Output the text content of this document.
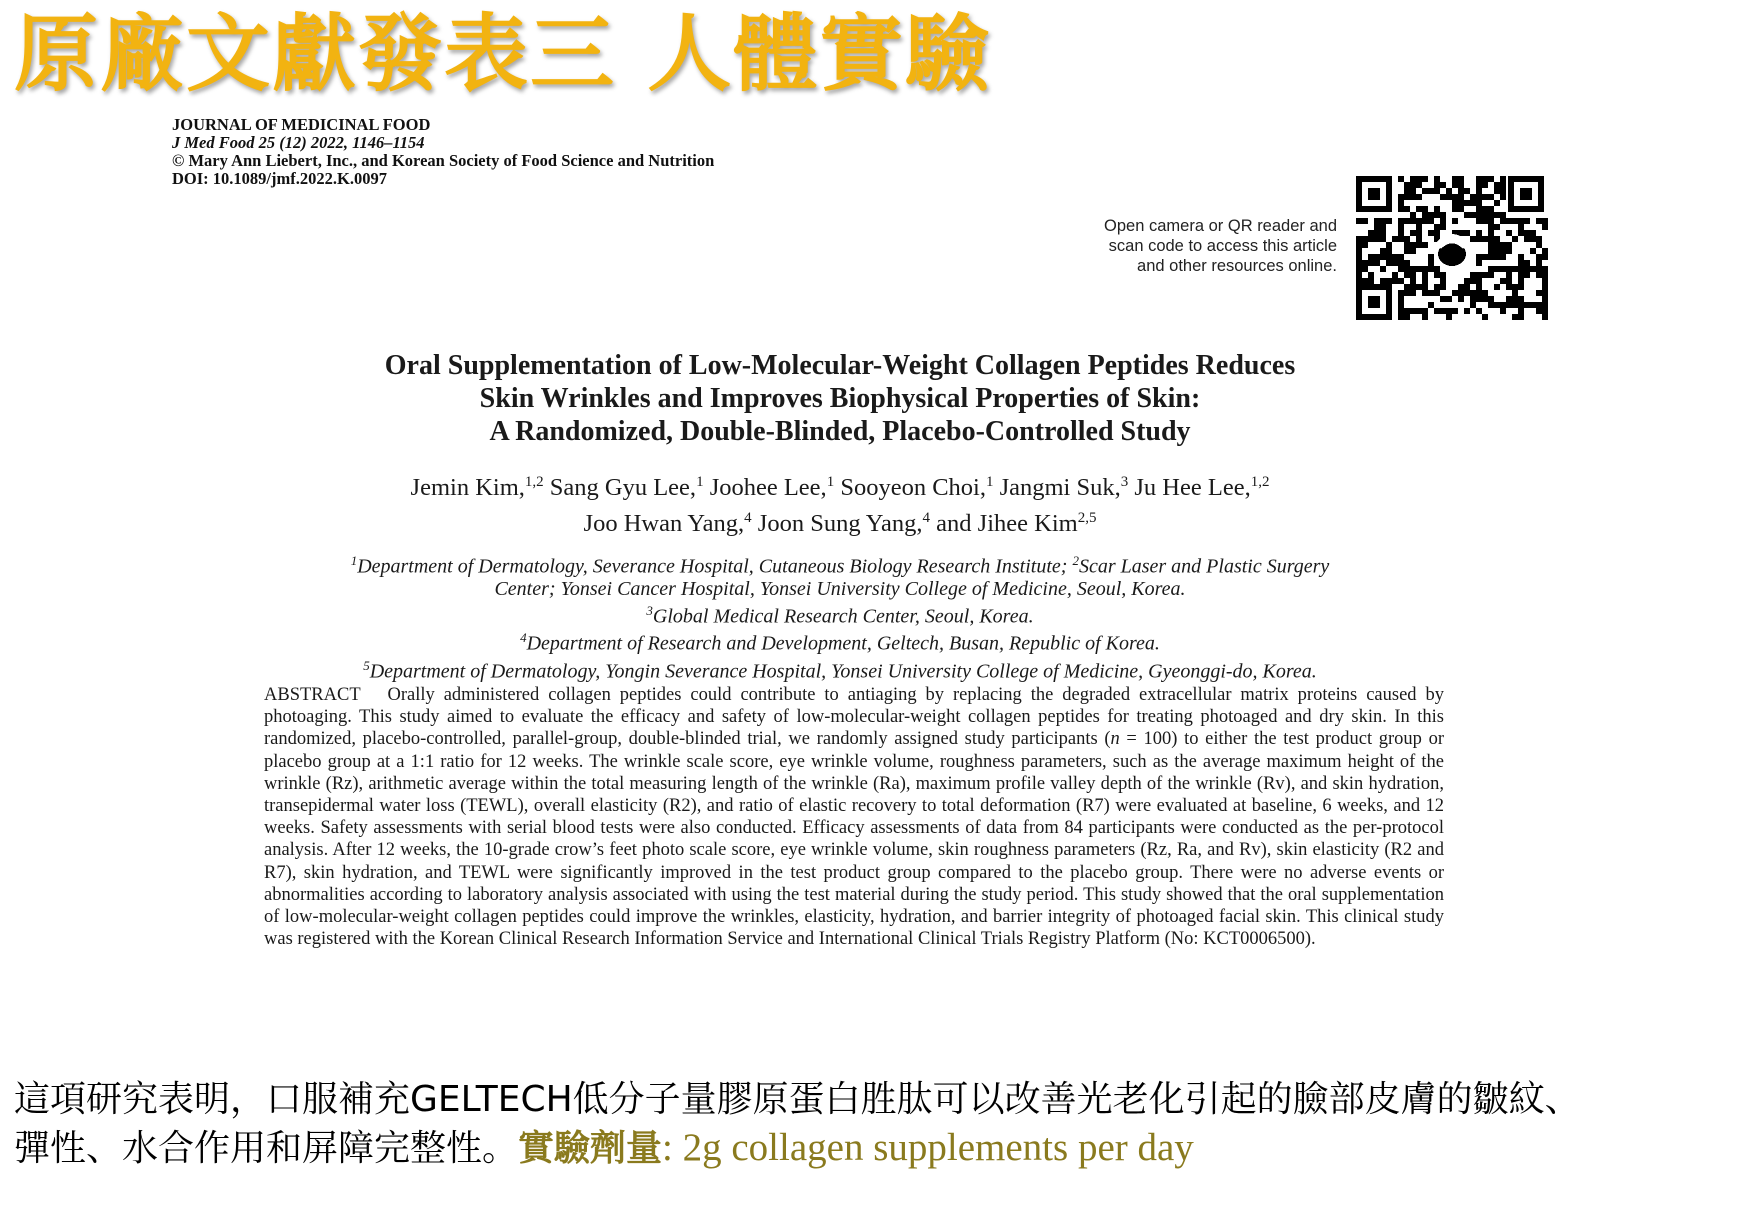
原廠文獻發表三 人體實驗
JOURNAL OF MEDICINAL FOOD
J Med Food 25 (12) 2022, 1146–1154
© Mary Ann Liebert, Inc., and Korean Society of Food Science and Nutrition
DOI: 10.1089/jmf.2022.K.0097
Open camera or QR reader and
scan code to access this article
and other resources online.
Oral Supplementation of Low-Molecular-Weight Collagen Peptides Reduces
Skin Wrinkles and Improves Biophysical Properties of Skin:
A Randomized, Double-Blinded, Placebo-Controlled Study
Jemin Kim,$^{1,2}$ Sang Gyu Lee,$^1$ Joohee Lee,$^1$ Sooyeon Choi,$^1$ Jangmi Suk,$^3$ Ju Hee Lee,$^{1,2}$
Joo Hwan Yang,$^4$ Joon Sung Yang,$^4$ and Jihee Kim$^{2,5}$
$^1$Department of Dermatology, Severance Hospital, Cutaneous Biology Research Institute; $^2$Scar Laser and Plastic Surgery
Center; Yonsei Cancer Hospital, Yonsei University College of Medicine, Seoul, Korea.
$^3$Global Medical Research Center, Seoul, Korea.
$^4$Department of Research and Development, Geltech, Busan, Republic of Korea.
$^5$Department of Dermatology, Yongin Severance Hospital, Yonsei University College of Medicine, Gyeonggi-do, Korea.

ABSTRACT Orally administered collagen peptides could contribute to antiaging by replacing the degraded extracellular matrix proteins caused by photoaging. This study aimed to evaluate the efficacy and safety of low-molecular-weight collagen peptides for treating photoaged and dry skin. In this randomized, placebo-controlled, parallel-group, double-blinded trial, we randomly assigned study participants (n = 100) to either the test product group or placebo group at a 1:1 ratio for 12 weeks. The wrinkle scale score, eye wrinkle volume, roughness parameters, such as the average maximum height of the wrinkle (Rz), arithmetic average within the total measuring length of the wrinkle (Ra), maximum profile valley depth of the wrinkle (Rv), and skin hydration, transepidermal water loss (TEWL), overall elasticity (R2), and ratio of elastic recovery to total deformation (R7) were evaluated at baseline, 6 weeks, and 12 weeks. Safety assessments with serial blood tests were also conducted. Efficacy assessments of data from 84 participants were conducted as the per-protocol analysis. After 12 weeks, the 10-grade crow’s feet photo scale score, eye wrinkle volume, skin roughness parameters (Rz, Ra, and Rv), skin elasticity (R2 and R7), skin hydration, and TEWL were significantly improved in the test product group compared to the placebo group. There were no adverse events or abnormalities according to laboratory analysis associated with using the test material during the study period. This study showed that the oral supplementation of low-molecular-weight collagen peptides could improve the wrinkles, elasticity, hydration, and barrier integrity of photoaged facial skin. This clinical study was registered with the Korean Clinical Research Information Service and International Clinical Trials Registry Platform (No: KCT0006500).

這項研究表明，口服補充GELTECH低分子量膠原蛋白胜肽可以改善光老化引起的臉部皮膚的皺紋、
彈性、水合作用和屏障完整性。實驗劑量: 2g collagen supplements per day
